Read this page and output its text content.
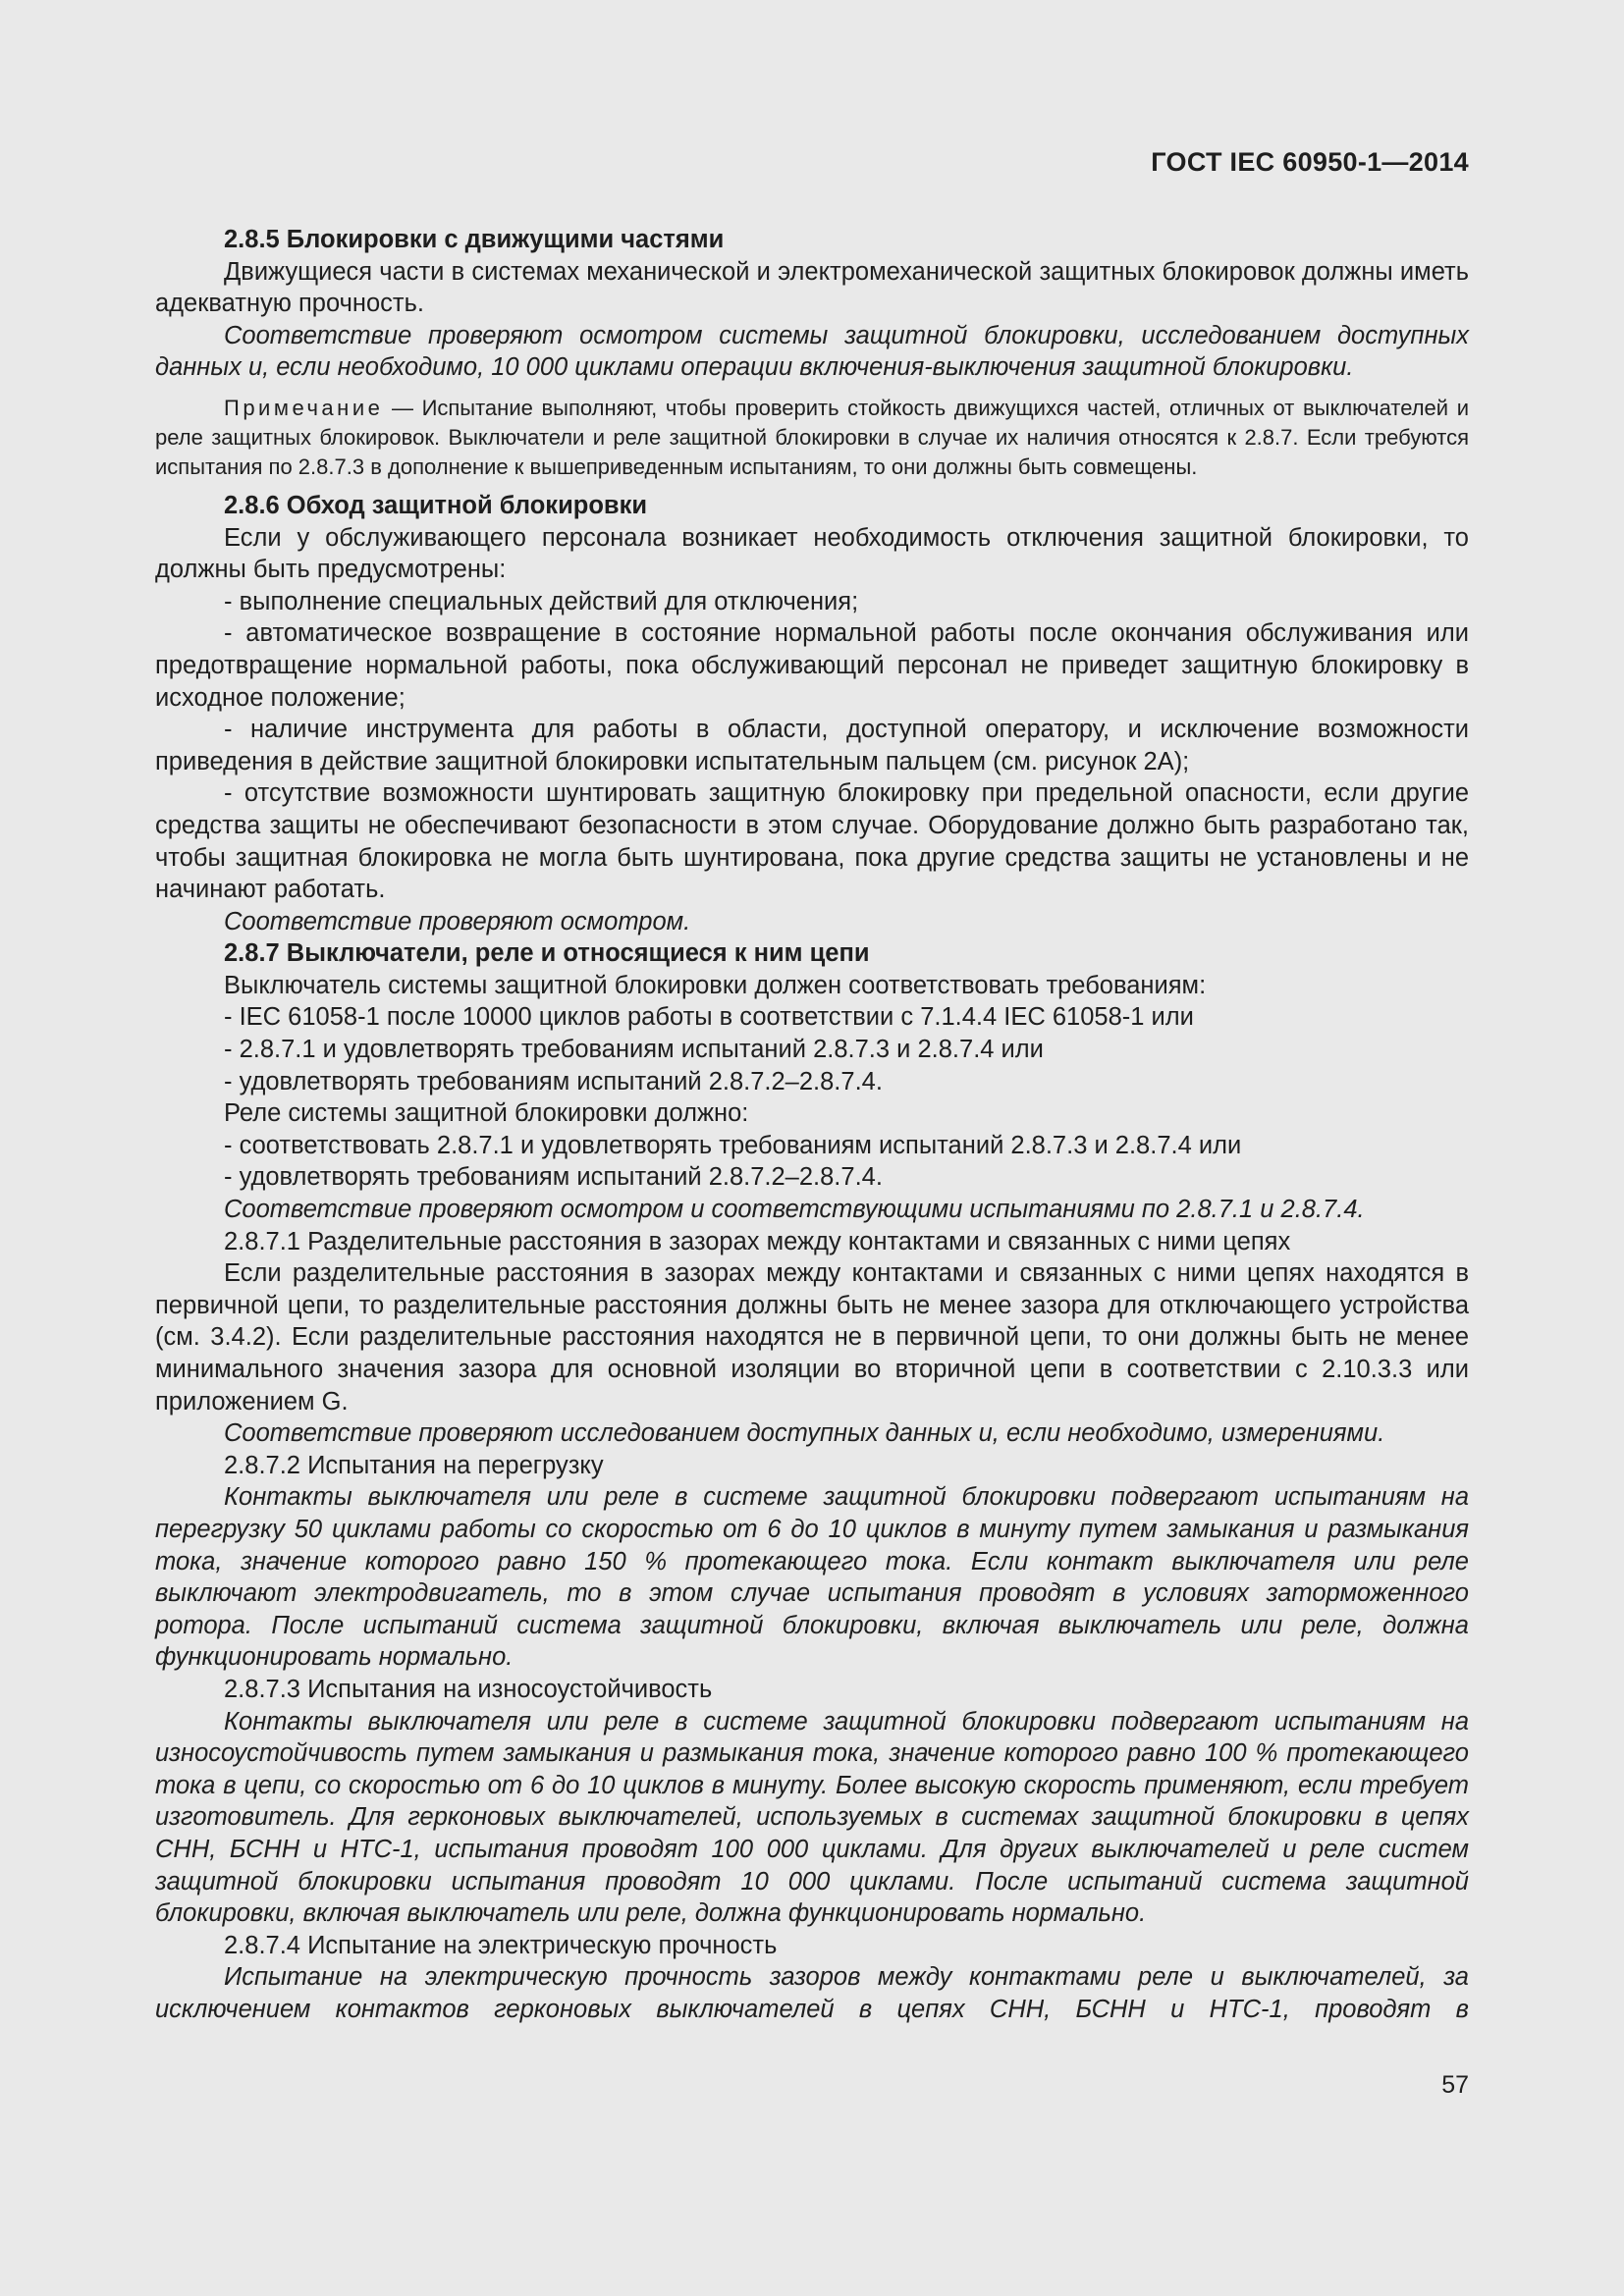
ГОСТ IEC 60950-1—2014

2.8.5 Блокировки с движущими частями

Движущиеся части в системах механической и электромеханической защитных блокировок должны иметь адекватную прочность.

Соответствие проверяют осмотром системы защитной блокировки, исследованием доступных данных и, если необходимо, 10 000 циклами операции включения-выключения защитной блокировки.

Примечание — Испытание выполняют, чтобы проверить стойкость движущихся частей, отличных от выключателей и реле защитных блокировок. Выключатели и реле защитной блокировки в случае их наличия относятся к 2.8.7. Если требуются испытания по 2.8.7.3 в дополнение к вышеприведенным испытаниям, то они должны быть совмещены.

2.8.6 Обход защитной блокировки

Если у обслуживающего персонала возникает необходимость отключения защитной блокировки, то должны быть предусмотрены:

- выполнение специальных действий для отключения;

- автоматическое возвращение в состояние нормальной работы после окончания обслуживания или предотвращение нормальной работы, пока обслуживающий персонал не приведет защитную блокировку в исходное положение;

- наличие инструмента для работы в области, доступной оператору, и исключение возможности приведения в действие защитной блокировки испытательным пальцем (см. рисунок 2А);

- отсутствие возможности шунтировать защитную блокировку при предельной опасности, если другие средства защиты не обеспечивают безопасности в этом случае. Оборудование должно быть разработано так, чтобы защитная блокировка не могла быть шунтирована, пока другие средства защиты не установлены и не начинают работать.

Соответствие проверяют осмотром.

2.8.7 Выключатели, реле и относящиеся к ним цепи

Выключатель системы защитной блокировки должен соответствовать требованиям:

- IEC 61058-1 после 10000 циклов работы в соответствии с 7.1.4.4 IEC 61058-1 или

- 2.8.7.1 и удовлетворять требованиям испытаний 2.8.7.3 и 2.8.7.4 или

- удовлетворять требованиям испытаний 2.8.7.2–2.8.7.4.

Реле системы защитной блокировки должно:

- соответствовать 2.8.7.1 и удовлетворять требованиям испытаний 2.8.7.3 и 2.8.7.4 или

- удовлетворять требованиям испытаний 2.8.7.2–2.8.7.4.

Соответствие проверяют осмотром и соответствующими испытаниями по 2.8.7.1 и 2.8.7.4.

2.8.7.1 Разделительные расстояния в зазорах между контактами и связанных с ними цепях

Если разделительные расстояния в зазорах между контактами и связанных с ними цепях находятся в первичной цепи, то разделительные расстояния должны быть не менее зазора для отключающего устройства (см. 3.4.2). Если разделительные расстояния находятся не в первичной цепи, то они должны быть не менее минимального значения зазора для основной изоляции во вторичной цепи в соответствии с 2.10.3.3 или приложением G.

Соответствие проверяют исследованием доступных данных и, если необходимо, измерениями.

2.8.7.2 Испытания на перегрузку

Контакты выключателя или реле в системе защитной блокировки подвергают испытаниям на перегрузку 50 циклами работы со скоростью от 6 до 10 циклов в минуту путем замыкания и размыкания тока, значение которого равно 150 % протекающего тока. Если контакт выключателя или реле выключают электродвигатель, то в этом случае испытания проводят в условиях заторможенного ротора. После испытаний система защитной блокировки, включая выключатель или реле, должна функционировать нормально.

2.8.7.3 Испытания на износоустойчивость

Контакты выключателя или реле в системе защитной блокировки подвергают испытаниям на износоустойчивость путем замыкания и размыкания тока, значение которого равно 100 % протекающего тока в цепи, со скоростью от 6 до 10 циклов в минуту. Более высокую скорость применяют, если требует изготовитель. Для герконовых выключателей, используемых в системах защитной блокировки в цепях СНН, БСНН и НТС-1, испытания проводят 100 000 циклами. Для других выключателей и реле систем защитной блокировки испытания проводят 10 000 циклами. После испытаний система защитной блокировки, включая выключатель или реле, должна функционировать нормально.

2.8.7.4 Испытание на электрическую прочность

Испытание на электрическую прочность зазоров между контактами реле и выключателей, за исключением контактов герконовых выключателей в цепях СНН, БСНН и НТС-1, проводят в

57
